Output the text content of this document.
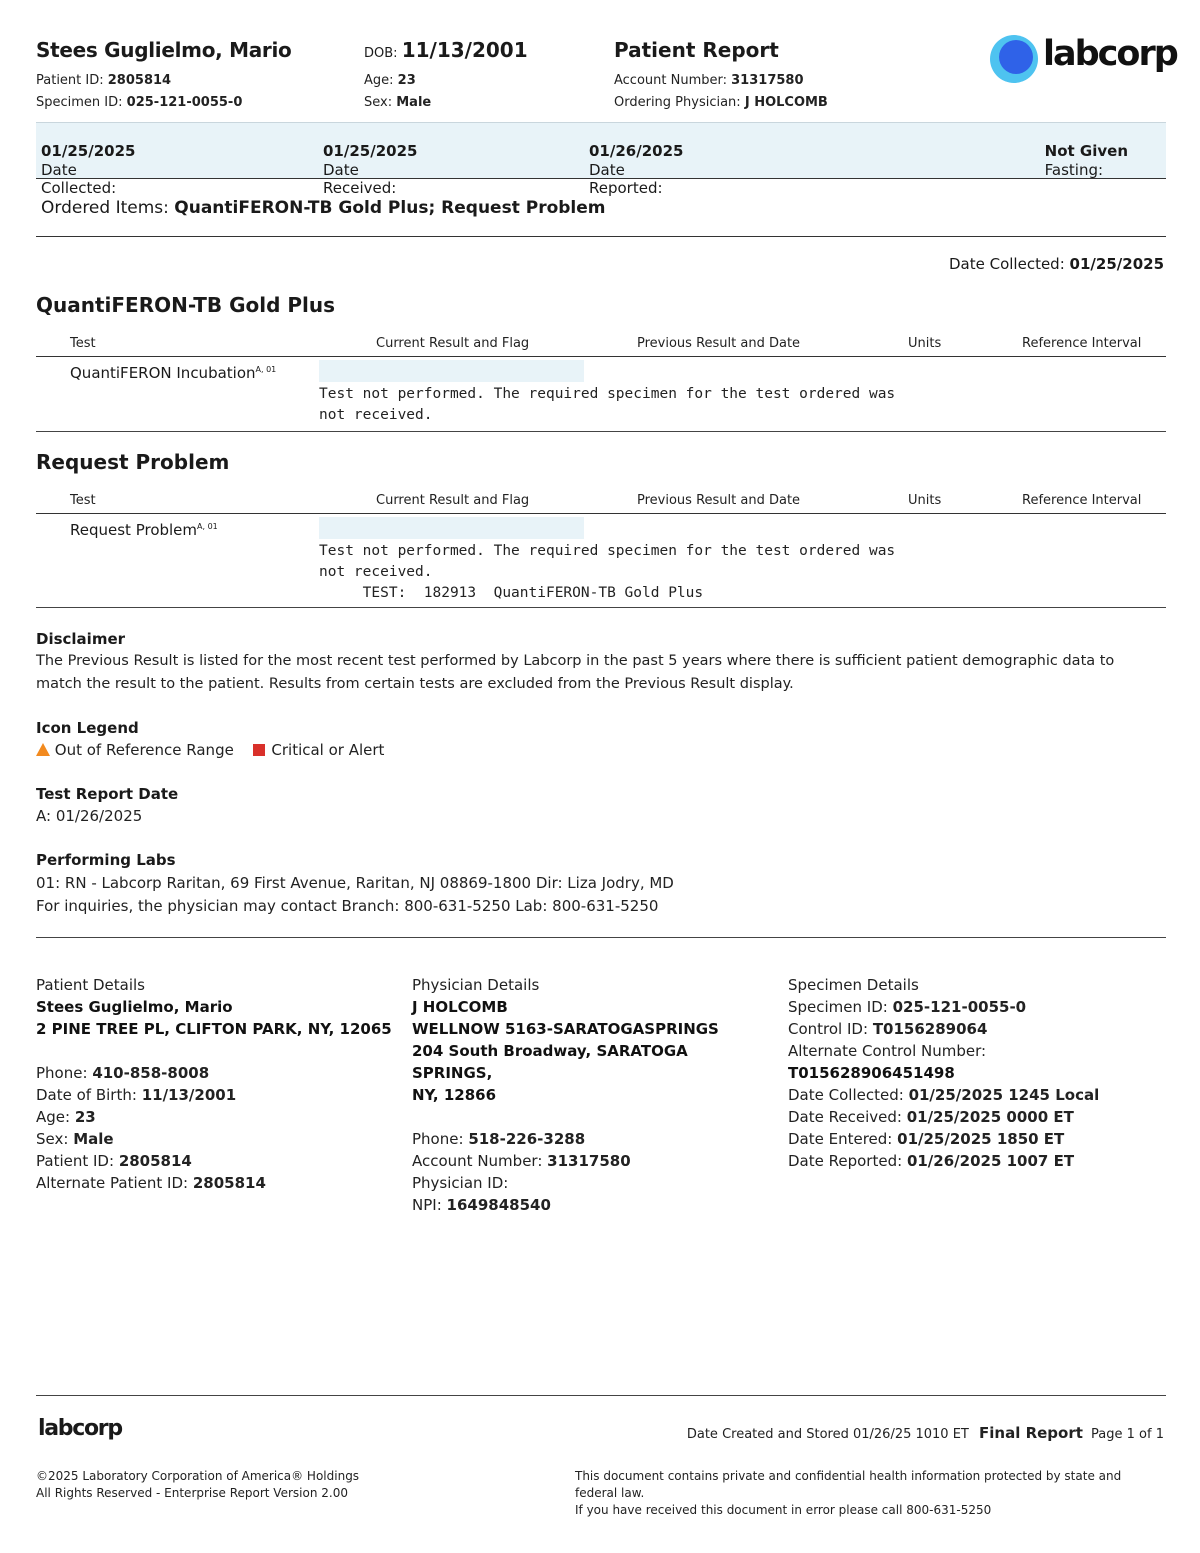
Stees Guglielmo, Mario
Patient ID: 2805814
Specimen ID: 025-121-0055-0
DOB: 11/13/2001
Age: 23
Sex: Male
Patient Report
Account Number: 31317580
Ordering Physician: J HOLCOMB
labcorp
Date Collected:
01/25/2025
Date Received:
01/25/2025
Date Reported:
01/26/2025
Fasting:
Not Given
Ordered Items: QuantiFERON-TB Gold Plus; Request Problem
Date Collected: 01/25/2025
QuantiFERON-TB Gold Plus
Test	Current Result and Flag	Previous Result and Date	Units	Reference Interval
QuantiFERON Incubation$^{A, 01}$
Test not performed. The required specimen for the test ordered was
not received.
Request Problem
Test	Current Result and Flag	Previous Result and Date	Units	Reference Interval
Request Problem$^{A, 01}$
Test not performed. The required specimen for the test ordered was
not received.
TEST:  182913  QuantiFERON-TB Gold Plus
Disclaimer
The Previous Result is listed for the most recent test performed by Labcorp in the past 5 years where there is sufficient patient demographic data to
match the result to the patient. Results from certain tests are excluded from the Previous Result display.
Icon Legend
Out of Reference Range	Critical or Alert
Test Report Date
A: 01/26/2025
Performing Labs
01: RN - Labcorp Raritan, 69 First Avenue, Raritan, NJ 08869-1800 Dir: Liza Jodry, MD
For inquiries, the physician may contact Branch: 800-631-5250 Lab: 800-631-5250
Patient Details
Stees Guglielmo, Mario
2 PINE TREE PL, CLIFTON PARK, NY, 12065
Phone: 410-858-8008
Date of Birth: 11/13/2001
Age: 23
Sex: Male
Patient ID: 2805814
Alternate Patient ID: 2805814
Physician Details
J HOLCOMB
WELLNOW 5163-SARATOGASPRINGS
204 South Broadway, SARATOGA SPRINGS,
NY, 12866
Phone: 518-226-3288
Account Number: 31317580
Physician ID:
NPI: 1649848540
Specimen Details
Specimen ID: 025-121-0055-0
Control ID: T0156289064
Alternate Control Number:
T015628906451498
Date Collected: 01/25/2025 1245 Local
Date Received: 01/25/2025 0000 ET
Date Entered: 01/25/2025 1850 ET
Date Reported: 01/26/2025 1007 ET
labcorp	Date Created and Stored 01/26/25 1010 ET Final Report Page 1 of 1
©2025 Laboratory Corporation of America® Holdings
All Rights Reserved - Enterprise Report Version 2.00
This document contains private and confidential health information protected by state and federal law.
If you have received this document in error please call 800-631-5250
